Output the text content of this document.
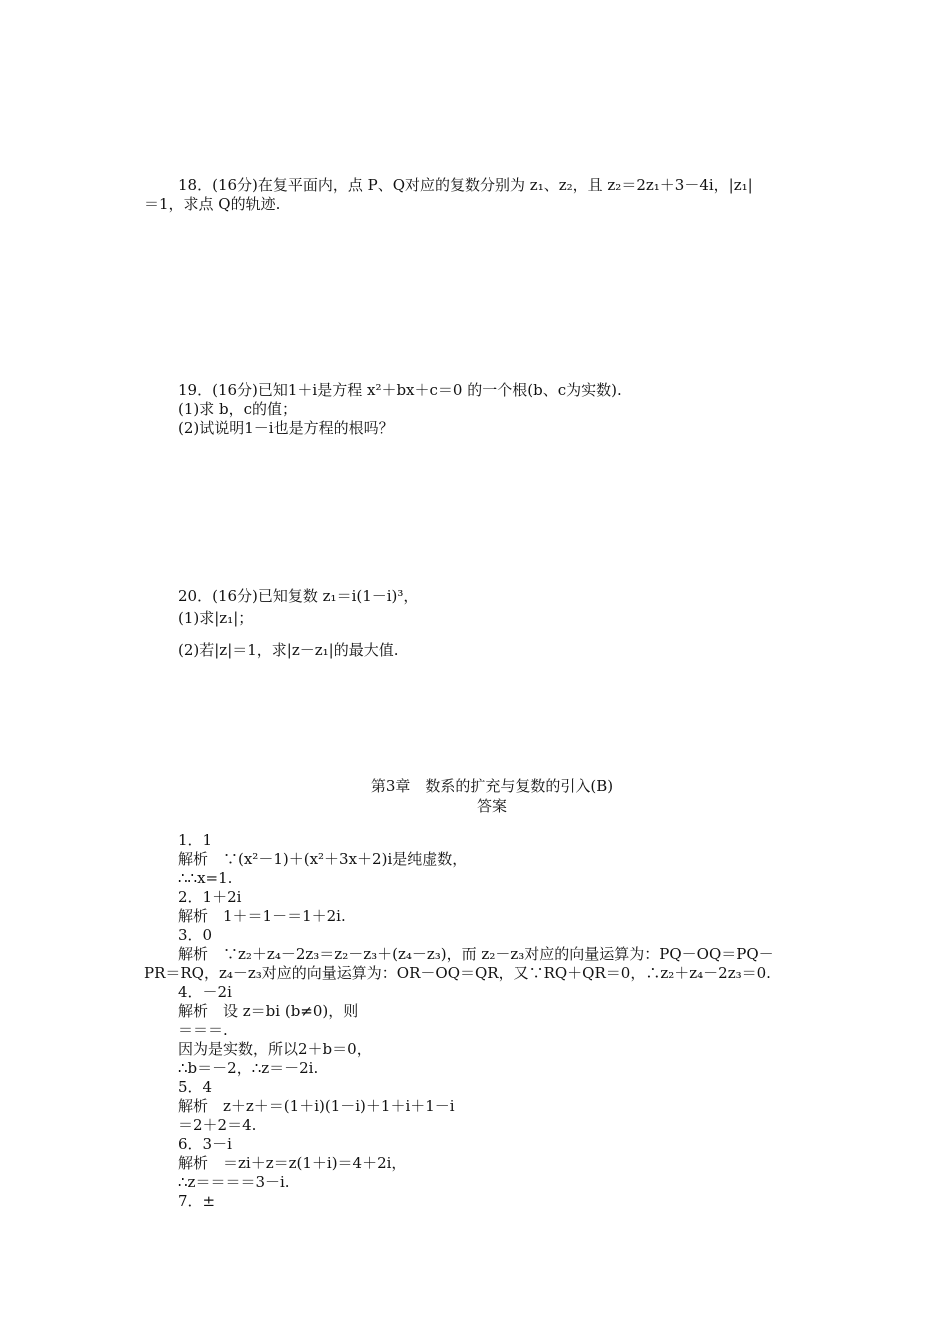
18．(16分)在复平面内，点 P、Q对应的复数分别为 z₁、z₂，且 z₂＝2z₁＋3－4i，|z₁|
＝1，求点 Q的轨迹.
19．(16分)已知1＋i是方程 x²＋bx＋c＝0 的一个根(b、c为实数).
(1)求 b，c的值；
(2)试说明1－i也是方程的根吗？
20．(16分)已知复数 z₁＝i(1－i)³，
(1)求|z₁|；
(2)若|z|＝1，求|z－z₁|的最大值.
第3章　数系的扩充与复数的引入(B)
答案
1．1
解析　∵(x²－1)＋(x²＋3x＋2)i是纯虚数，
∴∴x=1.
2．1＋2i
解析　1＋＝1－＝1＋2i.
3．0
解析　∵z₂＋z₄－2z₃＝z₂－z₃＋(z₄－z₃)，而 z₂－z₃对应的向量运算为：PQ－OQ＝PQ－
PR＝RQ，z₄－z₃对应的向量运算为：OR－OQ＝QR，又∵RQ＋QR＝0，∴z₂＋z₄－2z₃＝0.
4．－2i
解析　设 z＝bi (b≠0)，则
＝＝＝.
因为是实数，所以2＋b＝0，
∴b＝－2，∴z＝－2i.
5．4
解析　z＋z＋＝(1＋i)(1－i)＋1＋i＋1－i
＝2＋2＝4.
6．3－i
解析　＝zi＋z＝z(1＋i)＝4＋2i，
∴z＝＝＝＝3－i.
7．±
